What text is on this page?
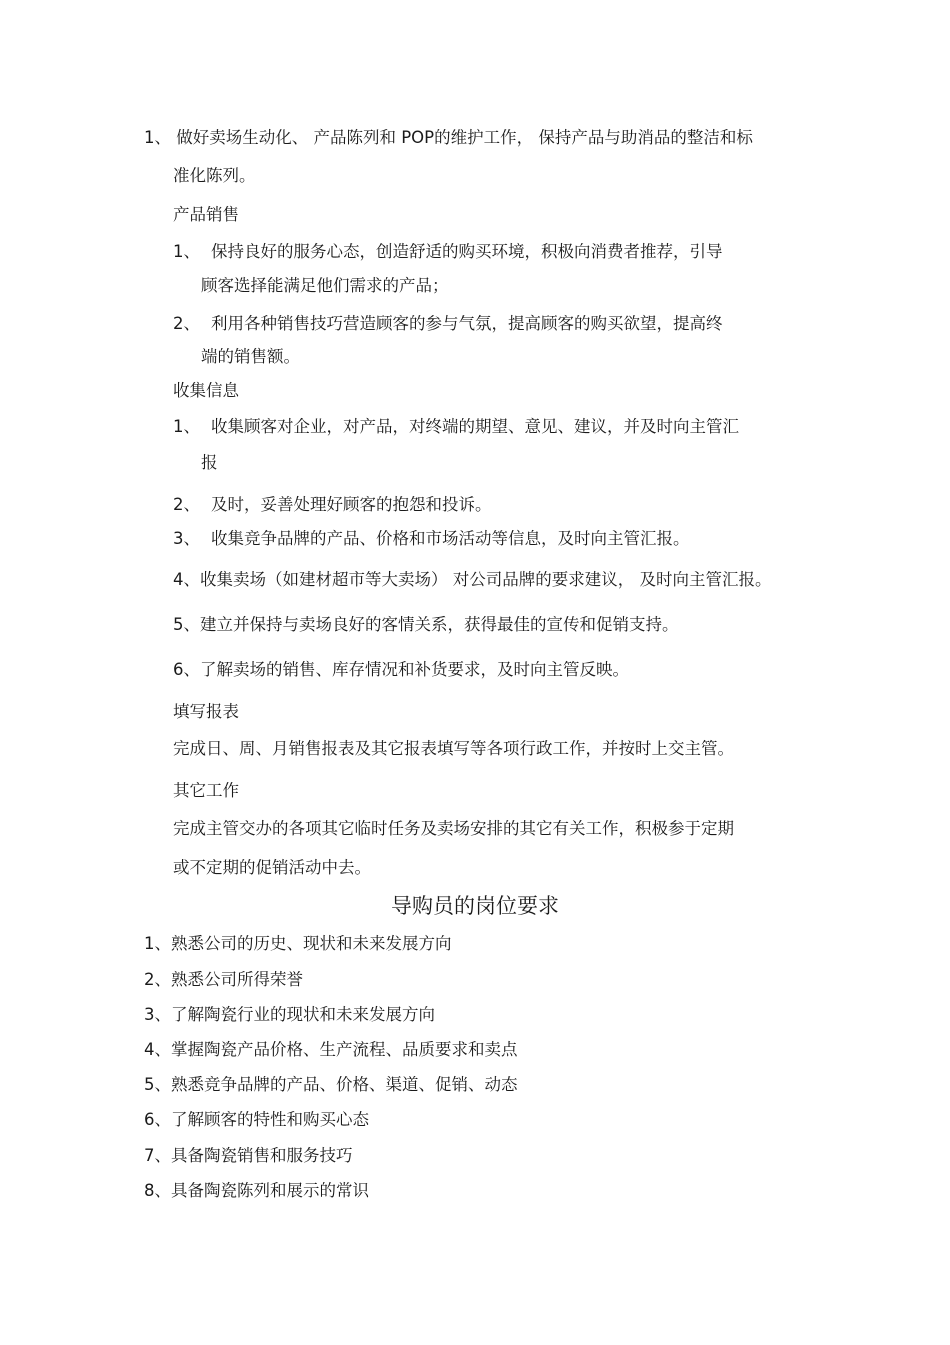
1、 做好卖场生动化、 产品陈列和 POP的维护工作， 保持产品与助消品的整洁和标
准化陈列。
产品销售
1、 保持良好的服务心态，创造舒适的购买环境，积极向消费者推荐，引导
顾客选择能满足他们需求的产品；
2、 利用各种销售技巧营造顾客的参与气氛，提高顾客的购买欲望，提高终
端的销售额。
收集信息
1、 收集顾客对企业，对产品，对终端的期望、意见、建议，并及时向主管汇
报
2、 及时，妥善处理好顾客的抱怨和投诉。
3、 收集竞争品牌的产品、价格和市场活动等信息，及时向主管汇报。
4、收集卖场（如建材超市等大卖场） 对公司品牌的要求建议， 及时向主管汇报。
5、建立并保持与卖场良好的客情关系，获得最佳的宣传和促销支持。
6、了解卖场的销售、库存情况和补货要求，及时向主管反映。
填写报表
完成日、周、月销售报表及其它报表填写等各项行政工作，并按时上交主管。
其它工作
完成主管交办的各项其它临时任务及卖场安排的其它有关工作，积极参于定期
或不定期的促销活动中去。
导购员的岗位要求
1、熟悉公司的历史、现状和未来发展方向
2、熟悉公司所得荣誉
3、了解陶瓷行业的现状和未来发展方向
4、掌握陶瓷产品价格、生产流程、品质要求和卖点
5、熟悉竞争品牌的产品、价格、渠道、促销、动态
6、了解顾客的特性和购买心态
7、具备陶瓷销售和服务技巧
8、具备陶瓷陈列和展示的常识
